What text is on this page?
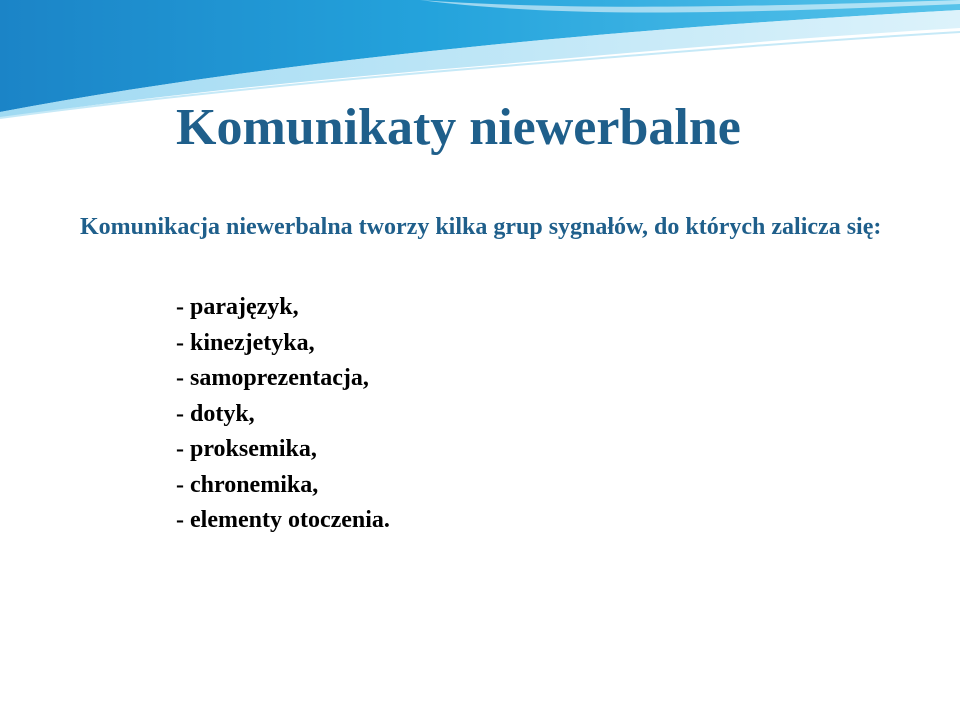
Komunikaty niewerbalne

Komunikacja niewerbalna tworzy kilka grup sygnałów, do których zalicza się:

- parajęzyk,
- kinezjetyka,
- samoprezentacja,
- dotyk,
- proksemika,
- chronemika,
- elementy otoczenia.
